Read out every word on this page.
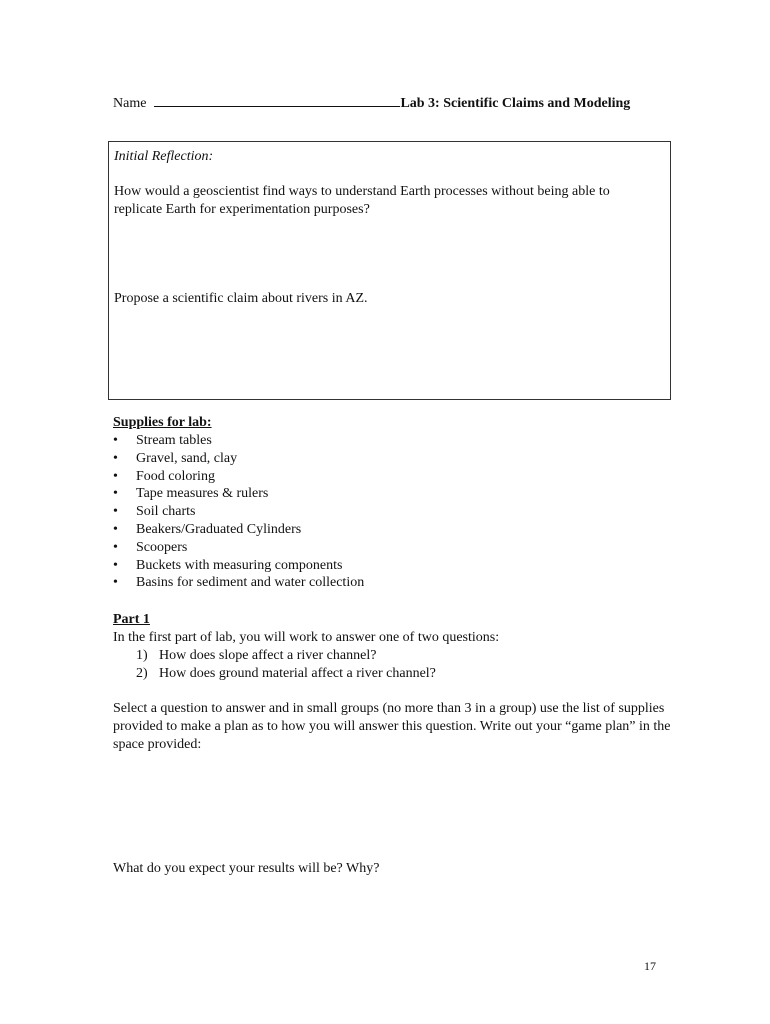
Name	Lab 3: Scientific Claims and Modeling
Initial Reflection:
How would a geoscientist find ways to understand Earth processes without being able to replicate Earth for experimentation purposes?
Propose a scientific claim about rivers in AZ.
Supplies for lab:
• Stream tables
• Gravel, sand, clay
• Food coloring
• Tape measures & rulers
• Soil charts
• Beakers/Graduated Cylinders
• Scoopers
• Buckets with measuring components
• Basins for sediment and water collection
Part 1
In the first part of lab, you will work to answer one of two questions:
1) How does slope affect a river channel?
2) How does ground material affect a river channel?
Select a question to answer and in small groups (no more than 3 in a group) use the list of supplies provided to make a plan as to how you will answer this question. Write out your “game plan” in the space provided:
What do you expect your results will be? Why?
17
